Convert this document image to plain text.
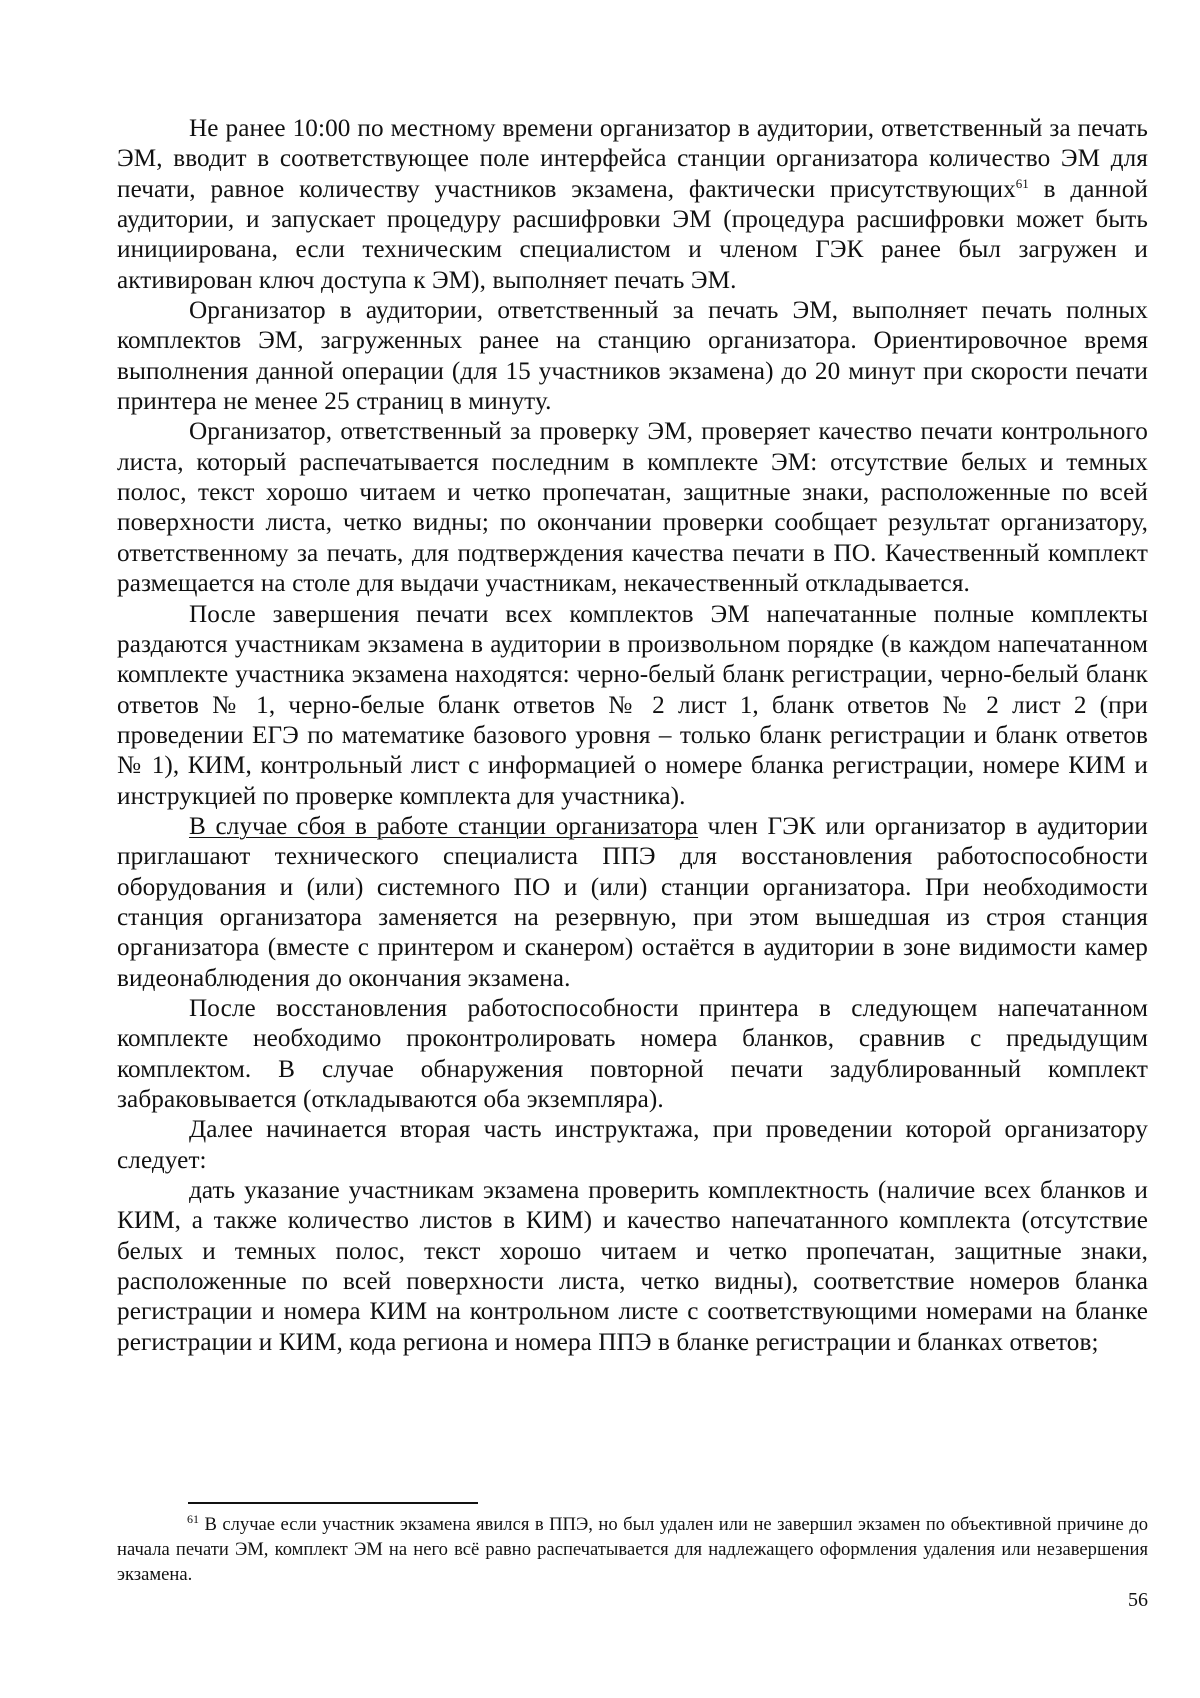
Не ранее 10:00 по местному времени организатор в аудитории, ответственный за печать ЭМ, вводит в соответствующее поле интерфейса станции организатора количество ЭМ для печати, равное количеству участников экзамена, фактически присутствующих$^{61}$ в данной аудитории, и запускает процедуру расшифровки ЭМ (процедура расшифровки может быть инициирована, если техническим специалистом и членом ГЭК ранее был загружен и активирован ключ доступа к ЭМ), выполняет печать ЭМ.

Организатор в аудитории, ответственный за печать ЭМ, выполняет печать полных комплектов ЭМ, загруженных ранее на станцию организатора. Ориентировочное время выполнения данной операции (для 15 участников экзамена) до 20 минут при скорости печати принтера не менее 25 страниц в минуту.

Организатор, ответственный за проверку ЭМ, проверяет качество печати контрольного листа, который распечатывается последним в комплекте ЭМ: отсутствие белых и темных полос, текст хорошо читаем и четко пропечатан, защитные знаки, расположенные по всей поверхности листа, четко видны; по окончании проверки сообщает результат организатору, ответственному за печать, для подтверждения качества печати в ПО. Качественный комплект размещается на столе для выдачи участникам, некачественный откладывается.

После завершения печати всех комплектов ЭМ напечатанные полные комплекты раздаются участникам экзамена в аудитории в произвольном порядке (в каждом напечатанном комплекте участника экзамена находятся: черно-белый бланк регистрации, черно-белый бланк ответов № 1, черно-белые бланк ответов № 2 лист 1, бланк ответов № 2 лист 2 (при проведении ЕГЭ по математике базового уровня – только бланк регистрации и бланк ответов № 1), КИМ, контрольный лист с информацией о номере бланка регистрации, номере КИМ и инструкцией по проверке комплекта для участника).

В случае сбоя в работе станции организатора член ГЭК или организатор в аудитории приглашают технического специалиста ППЭ для восстановления работоспособности оборудования и (или) системного ПО и (или) станции организатора. При необходимости станция организатора заменяется на резервную, при этом вышедшая из строя станция организатора (вместе с принтером и сканером) остаётся в аудитории в зоне видимости камер видеонаблюдения до окончания экзамена.

После восстановления работоспособности принтера в следующем напечатанном комплекте необходимо проконтролировать номера бланков, сравнив с предыдущим комплектом. В случае обнаружения повторной печати задублированный комплект забраковывается (откладываются оба экземпляра).

Далее начинается вторая часть инструктажа, при проведении которой организатору следует:

дать указание участникам экзамена проверить комплектность (наличие всех бланков и КИМ, а также количество листов в КИМ) и качество напечатанного комплекта (отсутствие белых и темных полос, текст хорошо читаем и четко пропечатан, защитные знаки, расположенные по всей поверхности листа, четко видны), соответствие номеров бланка регистрации и номера КИМ на контрольном листе с соответствующими номерами на бланке регистрации и КИМ, кода региона и номера ППЭ в бланке регистрации и бланках ответов;

$^{61}$ В случае если участник экзамена явился в ППЭ, но был удален или не завершил экзамен по объективной причине до начала печати ЭМ, комплект ЭМ на него всё равно распечатывается для надлежащего оформления удаления или незавершения экзамена.

56
